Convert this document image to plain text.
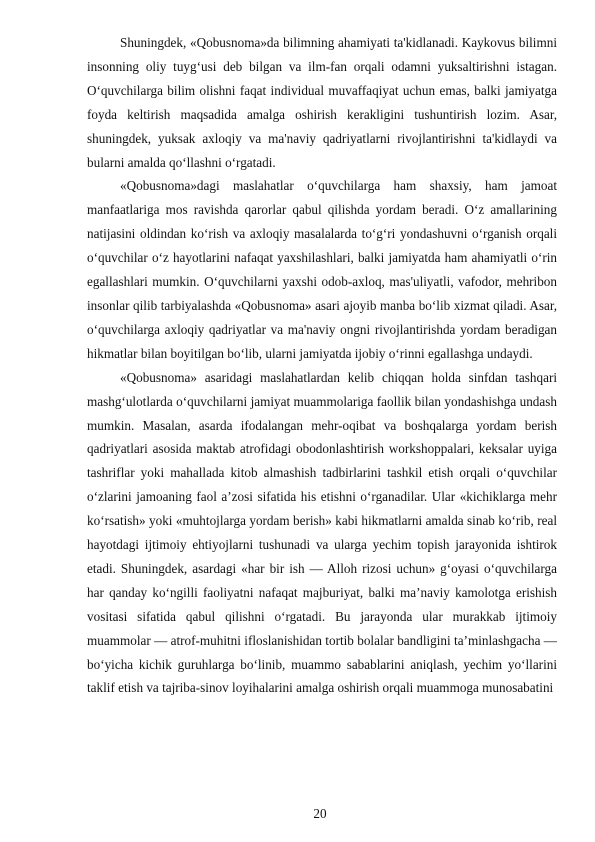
Shuningdek, «Qobusnoma»da bilimning ahamiyati ta'kidlanadi. Kaykovus bilimni insonning oliy tuyg‘usi deb bilgan va ilm-fan orqali odamni yuksaltirishni istagan. O‘quvchilarga bilim olishni faqat individual muvaffaqiyat uchun emas, balki jamiyatga foyda keltirish maqsadida amalga oshirish kerakligini tushuntirish lozim. Asar, shuningdek, yuksak axloqiy va ma'naviy qadriyatlarni rivojlantirishni ta'kidlaydi va bularni amalda qo‘llashni o‘rgatadi.

«Qobusnoma»dagi maslahatlar o‘quvchilarga ham shaxsiy, ham jamoat manfaatlariga mos ravishda qarorlar qabul qilishda yordam beradi. O‘z amallarining natijasini oldindan ko‘rish va axloqiy masalalarda to‘g‘ri yondashuvni o‘rganish orqali o‘quvchilar o‘z hayotlarini nafaqat yaxshilashlari, balki jamiyatda ham ahamiyatli o‘rin egallashlari mumkin. O‘quvchilarni yaxshi odob-axloq, mas'uliyatli, vafodor, mehribon insonlar qilib tarbiyalashda «Qobusnoma» asari ajoyib manba bo‘lib xizmat qiladi. Asar, o‘quvchilarga axloqiy qadriyatlar va ma'naviy ongni rivojlantirishda yordam beradigan hikmatlar bilan boyitilgan bo‘lib, ularni jamiyatda ijobiy o‘rinni egallashga undaydi.

«Qobusnoma» asaridagi maslahatlardan kelib chiqqan holda sinfdan tashqari mashg‘ulotlarda o‘quvchilarni jamiyat muammolariga faollik bilan yondashishga undash mumkin. Masalan, asarda ifodalangan mehr-oqibat va boshqalarga yordam berish qadriyatlari asosida maktab atrofidagi obodonlashtirish workshoppalari, keksalar uyiga tashriflar yoki mahallada kitob almashish tadbirlarini tashkil etish orqali o‘quvchilar o‘zlarini jamoaning faol a’zosi sifatida his etishni o‘rganadilar. Ular «kichiklarga mehr ko‘rsatish» yoki «muhtojlarga yordam berish» kabi hikmatlarni amalda sinab ko‘rib, real hayotdagi ijtimoiy ehtiyojlarni tushunadi va ularga yechim topish jarayonida ishtirok etadi. Shuningdek, asardagi «har bir ish — Alloh rizosi uchun» g‘oyasi o‘quvchilarga har qanday ko‘ngilli faoliyatni nafaqat majburiyat, balki ma’naviy kamolotga erishish vositasi sifatida qabul qilishni o‘rgatadi. Bu jarayonda ular murakkab ijtimoiy muammolar — atrof-muhitni ifloslanishidan tortib bolalar bandligini ta’minlashgacha — bo‘yicha kichik guruhlarga bo‘linib, muammo sabablarini aniqlash, yechim yo‘llarini taklif etish va tajriba-sinov loyihalarini amalga oshirish orqali muammoga munosabatini

20
